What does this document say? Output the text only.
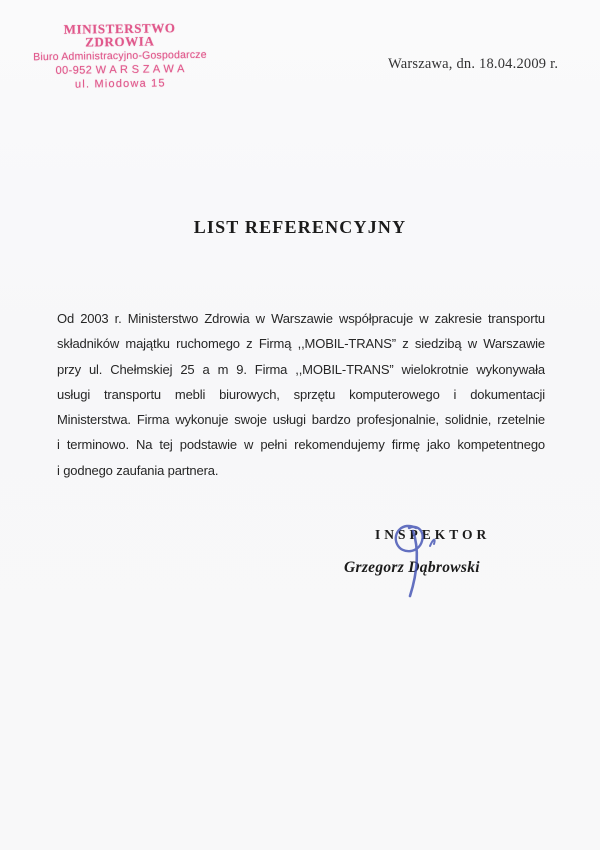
MINISTERSTWO ZDROWIA
Biuro Administracyjno-Gospodarcze
00-952 W A R S Z A W A
ul. Miodowa 15
Warszawa, dn. 18.04.2009 r.
LIST REFERENCYJNY
Od 2003 r. Ministerstwo Zdrowia w Warszawie współpracuje w zakresie transportu
składników majątku ruchomego z Firmą ,,MOBIL-TRANS” z siedzibą w Warszawie
przy ul. Chełmskiej 25 a m 9. Firma ,,MOBIL-TRANS” wielokrotnie wykonywała
usługi transportu mebli biurowych, sprzętu komputerowego i dokumentacji
Ministerstwa. Firma wykonuje swoje usługi bardzo profesjonalnie, solidnie, rzetelnie
i terminowo. Na tej podstawie w pełni rekomendujemy firmę jako kompetentnego
i godnego zaufania partnera.
INSPEKTOR
Grzegorz Dąbrowski
